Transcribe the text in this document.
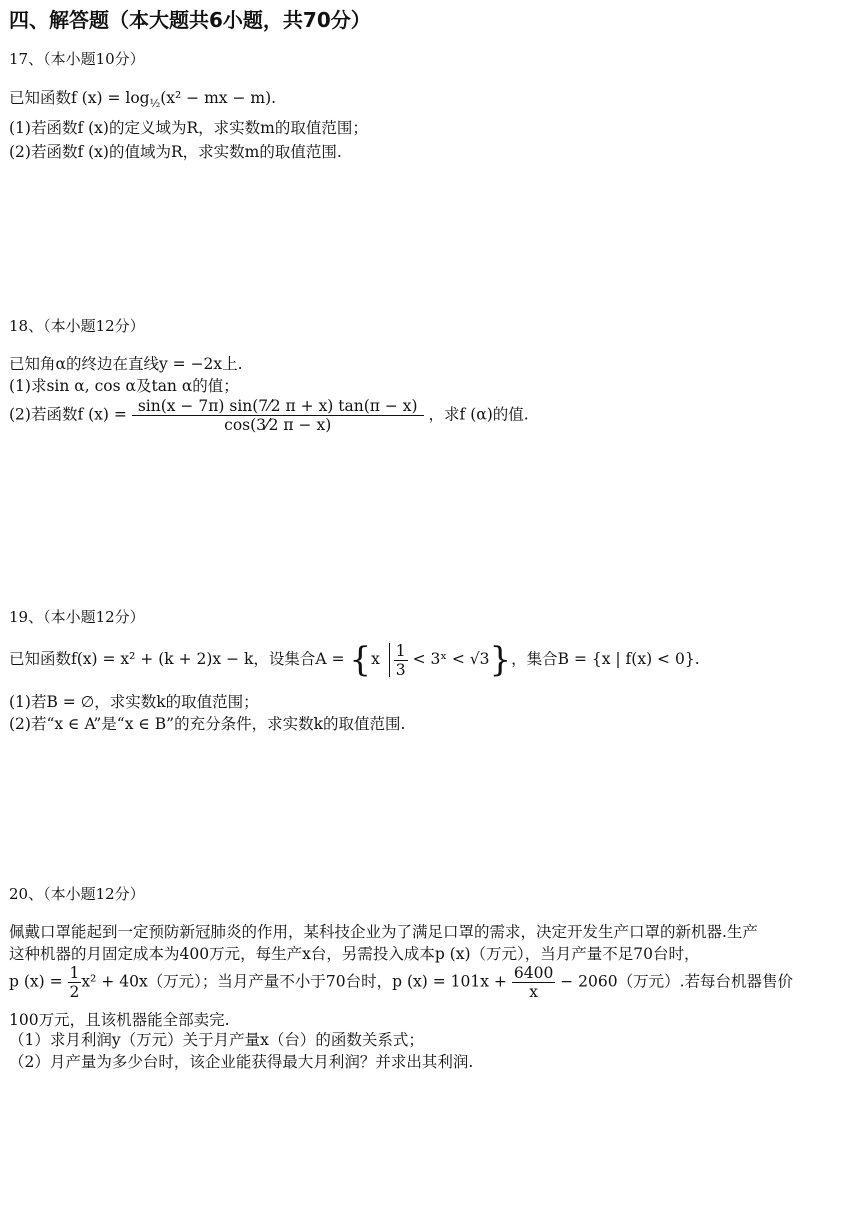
四、解答题（本大题共6小题，共70分）
17、（本小题10分）
已知函数f $(x) = \log_{\frac{1}{2}}(x^2$ − mx − m).
(1)若函数f (x)的定义域为R，求实数m的取值范围；
(2)若函数f (x)的值域为R，求实数m的取值范围.
18、（本小题12分）
已知角α的终边在直线y = −2x上.
(1)求sin α, cos α及tan α的值；
(2)若函数f $(x) = \frac{\sin(x - 7\pi) \sin(7⁄2 \pi + x) \tan(\pi - x)}{\cos(3⁄2 \pi - x)}$ ，求f (α)的值.
19、（本小题12分）
已知函数f(x) = x² + (k + 2)x − k，设集合$A = \{x \frac{1}{3}$ < 3ˣ < √3}，集合B = {x | f(x) < 0}.
(1)若B = ∅，求实数k的取值范围；
(2)若“x ∈ A”是“x ∈ B”的充分条件，求实数k的取值范围.
20、（本小题12分）
佩戴口罩能起到一定预防新冠肺炎的作用，某科技企业为了满足口罩的需求，决定开发生产口罩的新机器.生产
这种机器的月固定成本为400万元，每生产x台，另需投入成本p (x)（万元），当月产量不足70台时，
p $(x) = \frac{1}{2} x^2 + 40x$（万元）；当月产量不小于70台时，p $(x) = 101x + \frac{6400}{x} - 2060$（万元）.若每台机器售价
100万元，且该机器能全部卖完.
（1）求月利润y（万元）关于月产量x（台）的函数关系式；
（2）月产量为多少台时，该企业能获得最大月利润？并求出其利润.
